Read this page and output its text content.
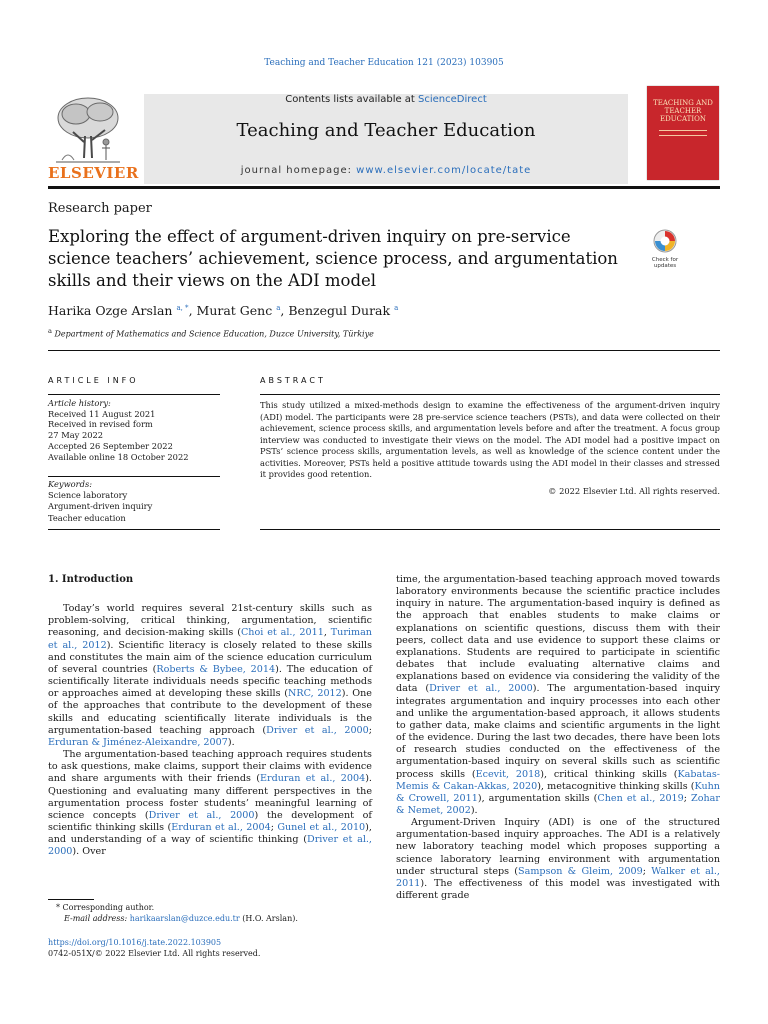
Teaching and Teacher Education 121 (2023) 103905
ELSEVIER
Contents lists available at ScienceDirect
Teaching and Teacher Education
journal homepage: www.elsevier.com/locate/tate
TEACHING AND TEACHER EDUCATION
Research paper
Exploring the effect of argument-driven inquiry on pre-service science teachers’ achievement, science process, and argumentation skills and their views on the ADI model
Check for
updates
Harika Ozge Arslan $^{a, *}$, Murat Genc $^a$, Benzegul Durak $^a$
$^a$ Department of Mathematics and Science Education, Duzce University, Türkiye
ARTICLE INFO
Article history:
Received 11 August 2021
Received in revised form
27 May 2022
Accepted 26 September 2022
Available online 18 October 2022
Keywords:
Science laboratory
Argument-driven inquiry
Teacher education
ABSTRACT
This study utilized a mixed-methods design to examine the effectiveness of the argument-driven inquiry (ADI) model. The participants were 28 pre-service science teachers (PSTs), and data were collected on their achievement, science process skills, and argumentation levels before and after the treatment. A focus group interview was conducted to investigate their views on the model. The ADI model had a positive impact on PSTs’ science process skills, argumentation levels, as well as knowledge of the science content under the activities. Moreover, PSTs held a positive attitude towards using the ADI model in their classes and stressed it provides good retention.
© 2022 Elsevier Ltd. All rights reserved.

1. Introduction

Today’s world requires several 21st-century skills such as problem-solving, critical thinking, argumentation, scientific reasoning, and decision-making skills (Choi et al., 2011, Turiman et al., 2012). Scientific literacy is closely related to these skills and constitutes the main aim of the science education curriculum of several countries (Roberts & Bybee, 2014). The education of scientifically literate individuals needs specific teaching methods or approaches aimed at developing these skills (NRC, 2012). One of the approaches that contribute to the development of these skills and educating scientifically literate individuals is the argumentation-based teaching approach (Driver et al., 2000; Erduran & Jiménez-Aleixandre, 2007).

The argumentation-based teaching approach requires students to ask questions, make claims, support their claims with evidence and share arguments with their friends (Erduran et al., 2004). Questioning and evaluating many different perspectives in the argumentation process foster students’ meaningful learning of science concepts (Driver et al., 2000) the development of scientific thinking skills (Erduran et al., 2004; Gunel et al., 2010), and understanding of a way of scientific thinking (Driver et al., 2000). Over

time, the argumentation-based teaching approach moved towards laboratory environments because the scientific practice includes inquiry in nature. The argumentation-based inquiry is defined as the approach that enables students to make claims or explanations on scientific questions, discuss them with their peers, collect data and use evidence to support these claims or explanations. Students are required to participate in scientific debates that include evaluating alternative claims and explanations based on evidence via considering the validity of the data (Driver et al., 2000). The argumentation-based inquiry integrates argumentation and inquiry processes into each other and unlike the argumentation-based approach, it allows students to gather data, make claims and scientific arguments in the light of the evidence. During the last two decades, there have been lots of research studies conducted on the effectiveness of the argumentation-based inquiry on several skills such as scientific process skills (Ecevit, 2018), critical thinking skills (Kabatas-Memis & Cakan-Akkas, 2020), metacognitive thinking skills (Kuhn & Crowell, 2011), argumentation skills (Chen et al., 2019; Zohar & Nemet, 2002).

Argument-Driven Inquiry (ADI) is one of the structured argumentation-based inquiry approaches. The ADI is a relatively new laboratory teaching model which proposes supporting a science laboratory learning environment with argumentation under structural steps (Sampson & Gleim, 2009; Walker et al., 2011). The effectiveness of this model was investigated with different grade

* Corresponding author.
E-mail address: harikaarslan@duzce.edu.tr (H.O. Arslan).
https://doi.org/10.1016/j.tate.2022.103905
0742-051X/© 2022 Elsevier Ltd. All rights reserved.
